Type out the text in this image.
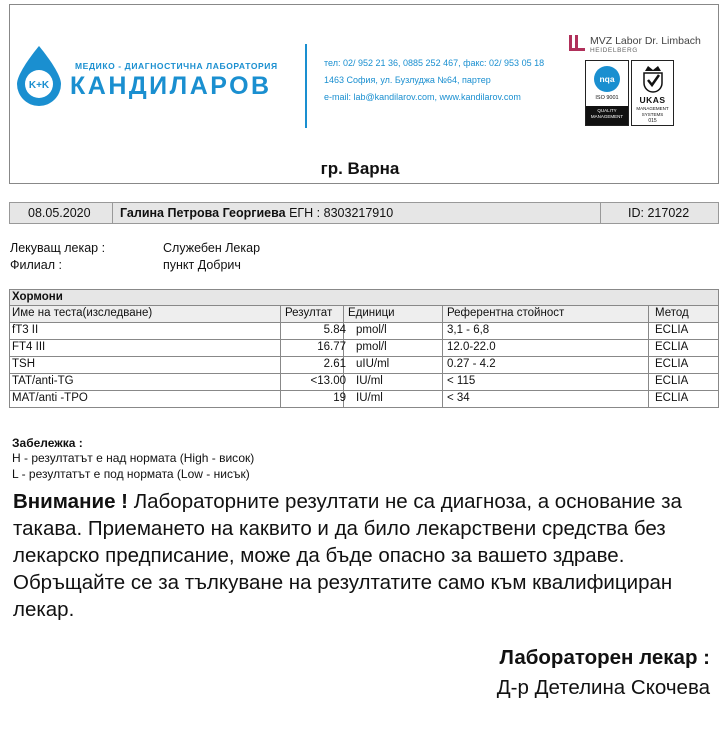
K+K
МЕДИКО - ДИАГНОСТИЧНА ЛАБОРАТОРИЯ
КАНДИЛАРОВ
тел: 02/ 952 21 36, 0885 252 467, факс: 02/ 953 05 18
1463 София, ул. Бузлуджа №64, партер
e-mail: lab@kandilarov.com, www.kandilarov.com
MVZ Labor Dr. Limbach
HEIDELBERG
nqa
ISO 9001
QUALITY MANAGEMENT
UKAS
MANAGEMENT SYSTEMS
015
гр. Варна
08.05.2020 Галина Петрова Георгиева ЕГН : 8303217910	ID: 217022
Лекуващ лекар :	Служебен Лекар
Филиал :	пункт Добрич
Хормони
Име на теста(изследване)	Резултат Единици	Референтна стойност	Метод
fT3 II	5.84 pmol/l	3,1 - 6,8	ECLIA
FT4 III	16.77 pmol/l	12.0-22.0	ECLIA
TSH	2.61 uIU/ml	0.27 - 4.2	ECLIA
TAT/anti-TG	<13.00 IU/ml	< 115	ECLIA
MAT/anti -TPO	19 IU/ml	< 34	ECLIA
Забележка :
H - резултатът е над нормата (High - висок)
L - резултатът е под нормата (Low - нисък)
Внимание ! Лабораторните резултати не са диагноза, а основание за такава. Приемането на каквито и да било лекарствени средства без лекарско предписание, може да бъде опасно за вашето здраве. Обръщайте се за тълкуване на резултатите само към квалифициран лекар.
Лабораторен лекар :
Д-р Детелина Скочева
